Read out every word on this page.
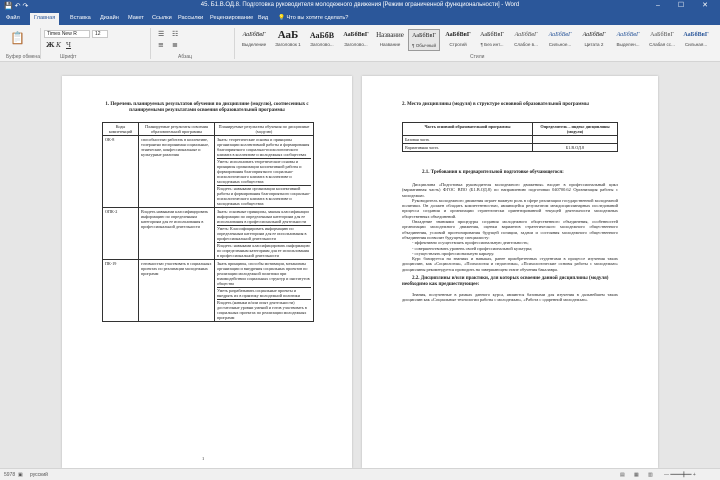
💾 ↶ ↷	45. Б1.В.ОД.8. Подготовка руководителя молодежного движения [Режим ограниченной функциональности] - Word	– ☐ ✕
Файл	Главная	Вставка Дизайн Макет Ссылки Рассылки Рецензирование Вид 💡 Что вы хотите сделать?
📋
Буфер обмена
Times New R	12
Ж К Ч
Шрифт
☰ ☷
≡ ≣
Абзац
АаБбВвГ
Выделение
АаБ
Заголовок 1
АаБбВ
Заголово...
АаБбВвГ
Заголово...
Название
Название
АаБбВвГ
¶ Обычный
АаБбВвГ
Строгий
АаБбВвГ
¶ Без инт...
АаБбВвГ
Слабое в...
АаБбВвГ
Сильное...
АаБбВвГ
Цитата 2
АаБбВвГ
Выделен...
АаБбВвГ
Слабая сс...
АаБбВвГ
Сильная...
Стили
1. Перечень планируемых результатов обучения по дисциплине (модулю), соотнесенных с планируемыми результатами освоения образовательной программы
Коды компетенций	Планируемые результаты освоения образовательной программы	Планируемые результаты обучения по дисциплине (модулю)
ОК-8	способностью работать в коллективе, толерантно воспринимая социальные, этнические, конфессиональные и культурные различия	Знать: теоретические основы и принципы организации коллективной работы и формирования благоприятного социально-психологического климата в коллективе и молодежных сообществах
Уметь: использовать теоретические основы и принципы организации коллективной работы и формирования благоприятного социально-психологического климата в коллективе и молодежных сообществах
Владеть: навыками организации коллективной работы и формирования благоприятного социально-психологического климата в коллективе и молодежных сообществах

ОПК-2	Владеть навыками классифицировать информацию по определенным категориям для ее использования в профессиональной деятельности	Знать: основные принципы, законы классификации информации по определенным категориям для ее использования в профессиональной деятельности
Уметь: Классифицировать информацию по определенным категориям для ее использования в профессиональной деятельности
Владеть: навыками классифицировать информацию по определенным категориям для ее использования в профессиональной деятельности

ПК-19	готовностью участвовать в социальных проектах по реализации молодежных программ	Знать принципы, способы мотивации, механизмы организации и внедрения социальных проектов по реализации молодежной политики при взаимодействии социальных структур и институтов общества
Уметь разрабатывать социальные проекты и внедрять их в практику молодежной политики
Владеть (навыки и/или опыт деятельности) достаточные уровни умений и готов участвовать в социальных проектах по реализации молодежных программ
1
2. Место дисциплины (модуля) в структуре основной образовательной программы
Часть основной образовательной программы	Определитель – индекс дисциплины (модуля)
Базовая часть	
Вариативная часть	Б1.В.ОД.8
2.1. Требования к предварительной подготовке обучающегося:

Дисциплина «Подготовка руководителя молодежного движения» входит в профессиональный цикл (вариативная часть) ФГОС ВПО (Б1.В.ОД.8) по направлению подготовки 040700.62 Организация работы с молодежью.

Руководитель молодежного движения играет важную роль в сфере реализации государственной молодежной политики. Он должен обладать компетентностью, являющейся результатом междисциплинарных исследований процесса создания и организации стратегически ориентированной текущей деятельности молодежных общественных объединений.

Овладение знаниями процедуры создания молодежного общественного объединения, особенностей организации молодежного движения, оценки вариантов стратегического молодежного общественного объединения, условий прогнозирования будущей позиции, задачи и состояния молодежного общественного объединения позволит будущему специалисту:

- эффективно осуществлять профессиональную деятельность;

- совершенствовать уровень своей профессиональной культуры;

- осуществлять профессиональную карьеру.

Курс базируется на знаниях и навыках, ранее приобретенных студентами в процессе изучения таких дисциплин, как «Социология», «Психология и педагогика», «Психологические основы работы с молодежью» дисциплины рекомендуется проводить на завершающем этапе обучения бакалавра.

2.2. Дисциплины и/или практики, для которых освоение данной дисциплины (модуля) необходимо как предшествующее:

Знания, полученные в рамках данного курса, являются базовыми для изучения в дальнейшем таких дисциплин как «Социальные технологии работы с молодежью», «Работа с одаренной молодежью».

5978 ▣ русский	▤ ▦ ▥ — ━━━━╋━━ +
